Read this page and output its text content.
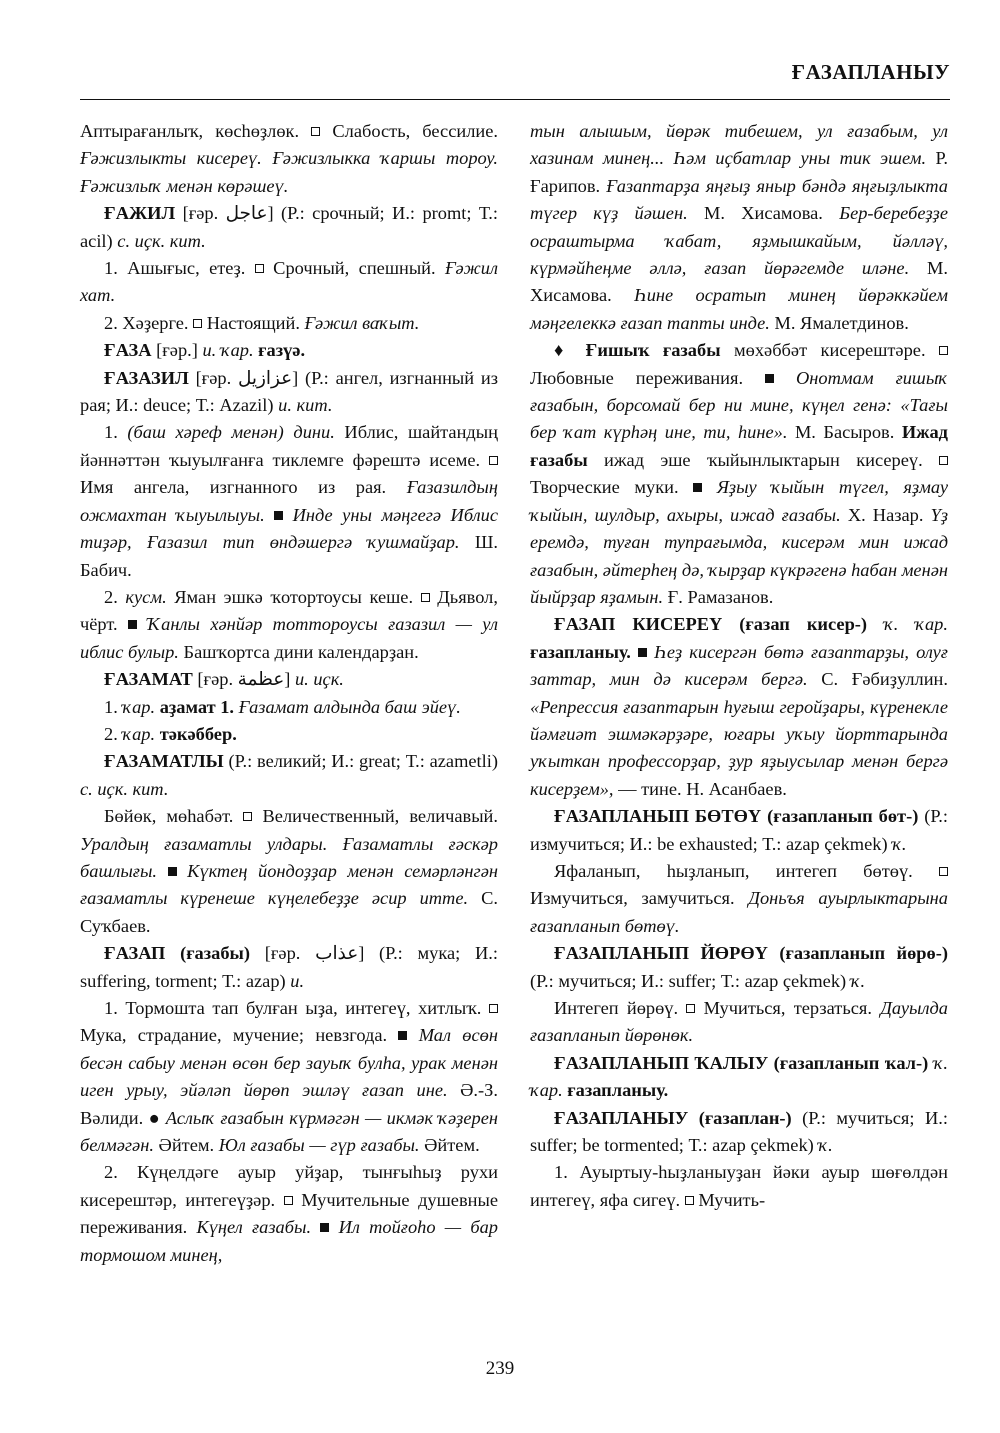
ҒАЗАПЛАНЫУ

Аптырағанлыҡ, көсһөҙлөк. Слабость, бессилие. Ғәжизлыкты кисереү. Ғәжизлыкка ҡаршы тороу. Ғәжизлыҡ менән көрәшеү.

ҒАЖИЛ [ғәр. عاجل] (Р.: срочный; И.: promt; Т.: acil) с. иҫк. кит.

1. Ашығыс, етеҙ. Срочный, спешный. Ғәжил хат.

2. Хәҙерге. Настоящий. Ғәжил ваҡыт.

ҒАЗА [ғәр.] и. ҡар. ғазүә.

ҒАЗАЗИЛ [ғәр. عزازيل] (Р.: ангел, изгнанный из рая; И.: deuce; Т.: Azazil) и. кит.

1. (баш хәреф менән) дини. Иблис, шайтандың йәннәттән ҡыуылғанға тиклемге фәрештә исеме.  Имя ангела, изгнанного из рая. Ғазазилдың ожмахтан ҡыуылыуы. Инде уны мәңгегә Иблис тиҙәр, Ғазазил тип өндәшергә ҡушмайҙар. Ш. Бабич.

2. кусм. Яман эшкә ҡотортоусы кеше. Дьявол, чёрт. Ҡанлы хәнйәр тоттороусы ғазазил — ул иблис булыр. Башҡортса дини календарҙан.

ҒАЗАМАТ [ғәр. عظمة] и. иҫк.

1. ҡар. аҙамат 1. Ғазамат алдында баш эйеү.

2. ҡар. тәкәббер.

ҒАЗАМАТЛЫ (Р.: великий; И.: great; Т.: azametli) с. иҫк. кит.

Бөйөк, мөһабәт. Величественный, величавый. Уралдың ғазаматлы улдары. Ғазаматлы ғәскәр башлығы. Күктең йондоҙҙар менән семәрләнгән ғазаматлы күренеше күңелебеҙҙе әсир итте. С. Суҡбаев.

ҒАЗАП (ғазабы) [ғәр. عذاب] (Р.: мука; И.: suffering, torment; Т.: azap) и.

1. Тормошта тап булған ыҙа, интегеү, хитлыҡ.  Мука, страдание, мучение; невзгода. Мал өсөн бесән сабыу менән өсөн бер зауыҡ булһа, урак менән иген урыу, эйәләп йөрөп эшләү ғазап ине. Ә.-З. Вәлиди. ● Аслыҡ ғазабын күрмәгән — икмәк ҡәҙерен белмәгән. Әйтем. Юл ғазабы — гүр ғазабы. Әйтем.

2. Күңелдәге ауыр уйҙар, тынғыһыҙ рухи кисерештәр, интегеүҙәр. Мучительные душевные переживания. Күңел ғазабы. Ил тойғоһо — бар тормошом минең,

тын алышым, йөрәк тибешем, ул ғазабым, ул хазинам минең... Һәм иҫбатлар уны тик эшем. Р. Ғарипов. Ғазаптарҙа яңғыҙ яныр бәндә яңғыҙлыкта түгер күҙ йәшен. М. Хисамова. Бер-беребеҙҙе осраштырма ҡабат, яҙмышкайым, йәлләү, күрмәйһеңме әллә, ғазап йөрәгемде иләне. М. Хисамова. Һине осратып минең йөрәккәйем мәңгелеккә ғазап тапты инде. М. Ямалетдинов.

♦ Ғишыҡ ғазабы мөхәббәт кисерештәре.  Любовные переживания.	Онотмам ғишыҡ ғазабын, борсомай бер ни мине, күңел генә: «Тағы бер ҡат күрһәң ине, ти, һине». М. Басыров. Ижад ғазабы ижад эше ҡыйынлыктарын кисереү.  Творческие муки. Яҙыу ҡыйын түгел, яҙмау ҡыйын, шулдыр, ахыры, ижад ғазабы. Х. Назар. Үҙ еремдә, туған тупрағымда, кисерәм мин ижад ғазабын, әйтерһең дә, ҡырҙар күкрәгенә һабан менән йыйрҙар яҙамын. Ғ. Рамазанов.

ҒАЗАП КИСЕРЕҮ (ғазап кисер-) ҡ. ҡар. ғазапланыу. Һеҙ кисергән бөтә ғазаптарҙы, олуғ заттар, мин дә кисерәм бергә. С. Ғәбиҙуллин. «Репрессия ғазаптарын һуғыш геройҙары, күренекле йәмғиәт эшмәкәрҙәре, юғары уҡыу йорттарында уҡыткан профессорҙар, ҙур яҙыусылар менән бергә кисерҙем», — тине. Н. Асанбаев.

ҒАЗАПЛАНЫП БӨТӨҮ (ғазапланып бөт-) (Р.: измучиться; И.: be exhausted; Т.: azap çekmek) ҡ.

Яфаланып, һыҙланып, интегеп бөтөү.  Измучиться, замучиться. Доньъя ауырлыктарына ғазапланып бөтөү.

ҒАЗАПЛАНЫП ЙӨРӨҮ (ғазапланып йөрө-) (Р.: мучиться; И.: suffer; Т.: azap çekmek) ҡ.

Интегеп йөрөү. Мучиться, терзаться. Дауылда ғазапланып йөрөнөк.

ҒАЗАПЛАНЫП ҠАЛЫУ (ғазапланып ҡал-) ҡ. ҡар. ғазапланыу.

ҒАЗАПЛАНЫУ (ғазаплан-) (Р.: мучиться; И.: suffer; be tormented; Т.: azap çekmek) ҡ.

1. Ауыртыу-һыҙланыуҙан йәки ауыр шөғөлдән интегеү, яфа сигеү. Мучить-

239
